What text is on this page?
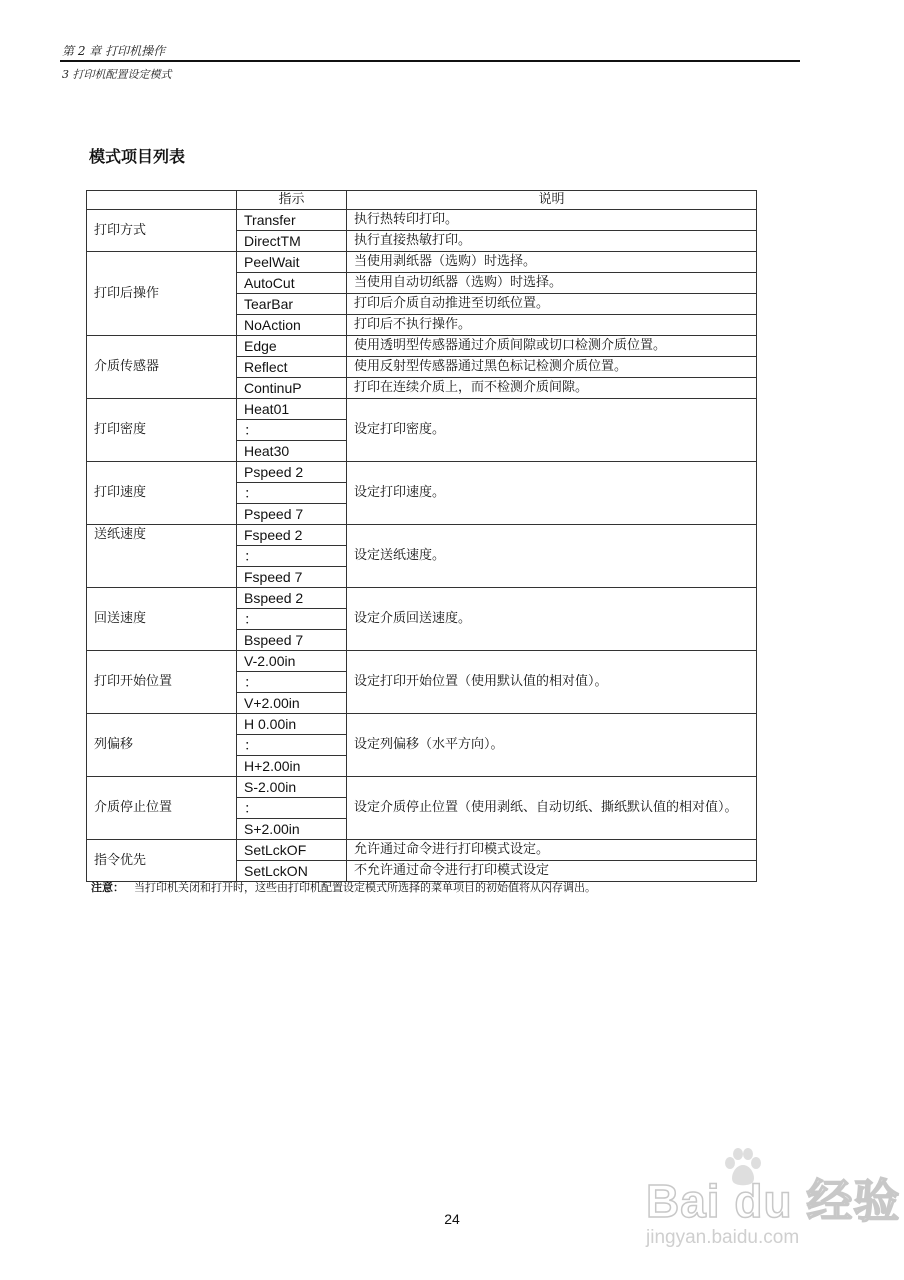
第 2 章 打印机操作
3 打印机配置设定模式
模式项目列表
	指示	说明
打印方式	Transfer	执行热转印打印。
	DirectTM	执行直接热敏打印。
打印后操作	PeelWait	当使用剥纸器（选购）时选择。
	AutoCut	当使用自动切纸器（选购）时选择。
	TearBar	打印后介质自动推进至切纸位置。
	NoAction	打印后不执行操作。
介质传感器	Edge	使用透明型传感器通过介质间隙或切口检测介质位置。
	Reflect	使用反射型传感器通过黑色标记检测介质位置。
	ContinuP	打印在连续介质上，而不检测介质间隙。
打印密度	Heat01	设定打印密度。
	：	
	Heat30	
打印速度	Pspeed 2	设定打印速度。
	：	
	Pspeed 7	
送纸速度	Fspeed 2	设定送纸速度。
	：	
	Fspeed 7	
回送速度	Bspeed 2	设定介质回送速度。
	：	
	Bspeed 7	
打印开始位置	V-2.00in	设定打印开始位置（使用默认值的相对值）。
	：	
	V+2.00in	
列偏移	H 0.00in	设定列偏移（水平方向）。
	：	
	H+2.00in	
介质停止位置	S-2.00in	设定介质停止位置（使用剥纸、自动切纸、撕纸默认值的相对值）。
	：	
	S+2.00in	
指令优先	SetLckOF	允许通过命令进行打印模式设定。
	SetLckON	不允许通过命令进行打印模式设定
注意： 当打印机关闭和打开时，这些由打印机配置设定模式所选择的菜单项目的初始值将从闪存调出。
24	Bai du 经验
jingyan.baidu.com
